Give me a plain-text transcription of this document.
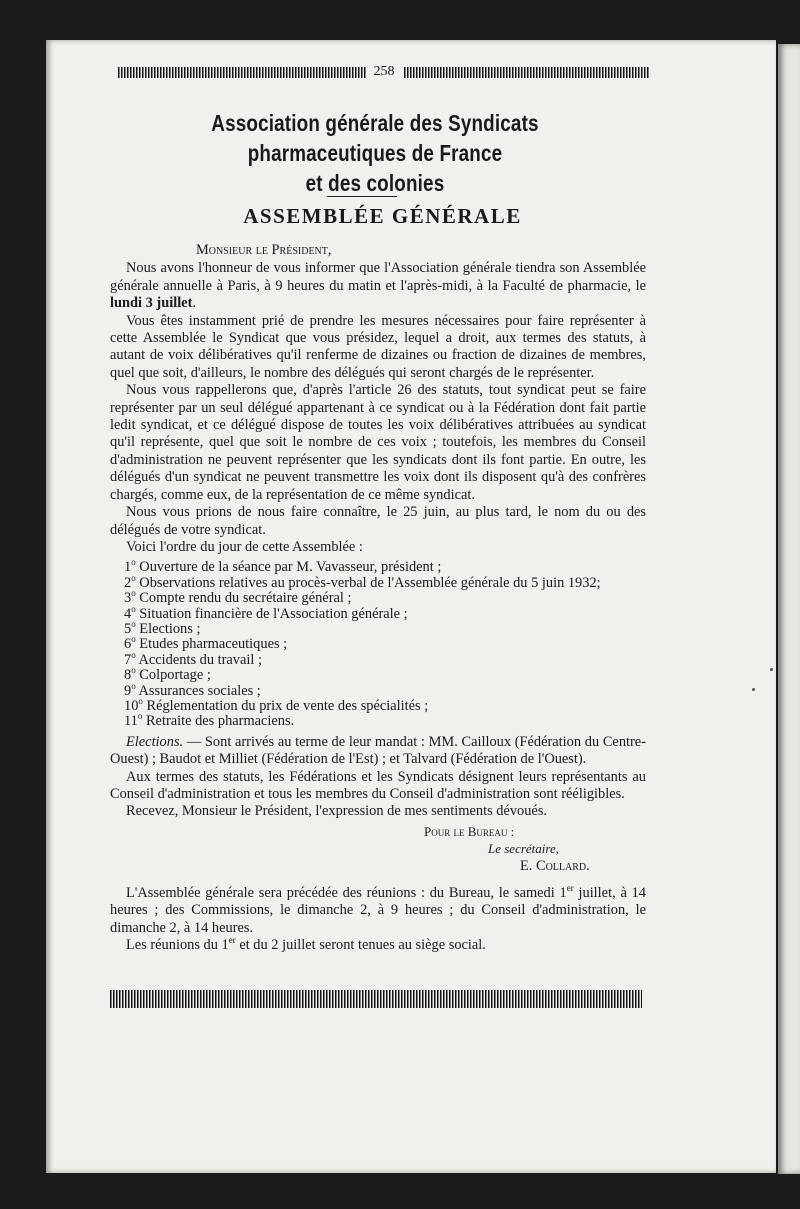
258
Association générale des Syndicats pharmaceutiques de France
et des colonies
ASSEMBLÉE GÉNÉRALE
Monsieur le Président,

Nous avons l'honneur de vous informer que l'Association générale tiendra son Assemblée générale annuelle à Paris, à 9 heures du matin et l'après-midi, à la Faculté de pharmacie, le lundi 3 juillet.

Vous êtes instamment prié de prendre les mesures nécessaires pour faire représenter à cette Assemblée le Syndicat que vous présidez, lequel a droit, aux termes des statuts, à autant de voix délibératives qu'il renferme de dizaines ou fraction de dizaines de membres, quel que soit, d'ailleurs, le nombre des délégués qui seront chargés de le représenter.

Nous vous rappellerons que, d'après l'article 26 des statuts, tout syndicat peut se faire représenter par un seul délégué appartenant à ce syndicat ou à la Fédération dont fait partie ledit syndicat, et ce délégué dispose de toutes les voix délibératives attribuées au syndicat qu'il représente, quel que soit le nombre de ces voix ; toutefois, les membres du Conseil d'administration ne peuvent représenter que les syndicats dont ils font partie. En outre, les délégués d'un syndicat ne peuvent transmettre les voix dont ils disposent qu'à des confrères chargés, comme eux, de la représentation de ce même syndicat.

Nous vous prions de nous faire connaître, le 25 juin, au plus tard, le nom du ou des délégués de votre syndicat.

Voici l'ordre du jour de cette Assemblée :

1$^o$ Ouverture de la séance par M. Vavasseur, président ;
2$^o$ Observations relatives au procès-verbal de l'Assemblée générale du 5 juin 1932;
3$^o$ Compte rendu du secrétaire général ;
4$^o$ Situation financière de l'Association générale ;
5$^o$ Elections ;
6$^o$ Etudes pharmaceutiques ;
7$^o$ Accidents du travail ;
8$^o$ Colportage ;
9$^o$ Assurances sociales ;
10$^o$ Réglementation du prix de vente des spécialités ;
11$^o$ Retraite des pharmaciens.

Elections. — Sont arrivés au terme de leur mandat : MM. Cailloux (Fédération du Centre-Ouest) ; Baudot et Milliet (Fédération de l'Est) ; et Talvard (Fédération de l'Ouest).

Aux termes des statuts, les Fédérations et les Syndicats désignent leurs représentants au Conseil d'administration et tous les membres du Conseil d'administration sont rééligibles.

Recevez, Monsieur le Président, l'expression de mes sentiments dévoués.

Pour le Bureau :
Le secrétaire,
E. Collard.

L'Assemblée générale sera précédée des réunions : du Bureau, le samedi 1er juillet, à 14 heures ; des Commissions, le dimanche 2, à 9 heures ; du Conseil d'administration, le dimanche 2, à 14 heures.

Les réunions du 1er et du 2 juillet seront tenues au siège social.
